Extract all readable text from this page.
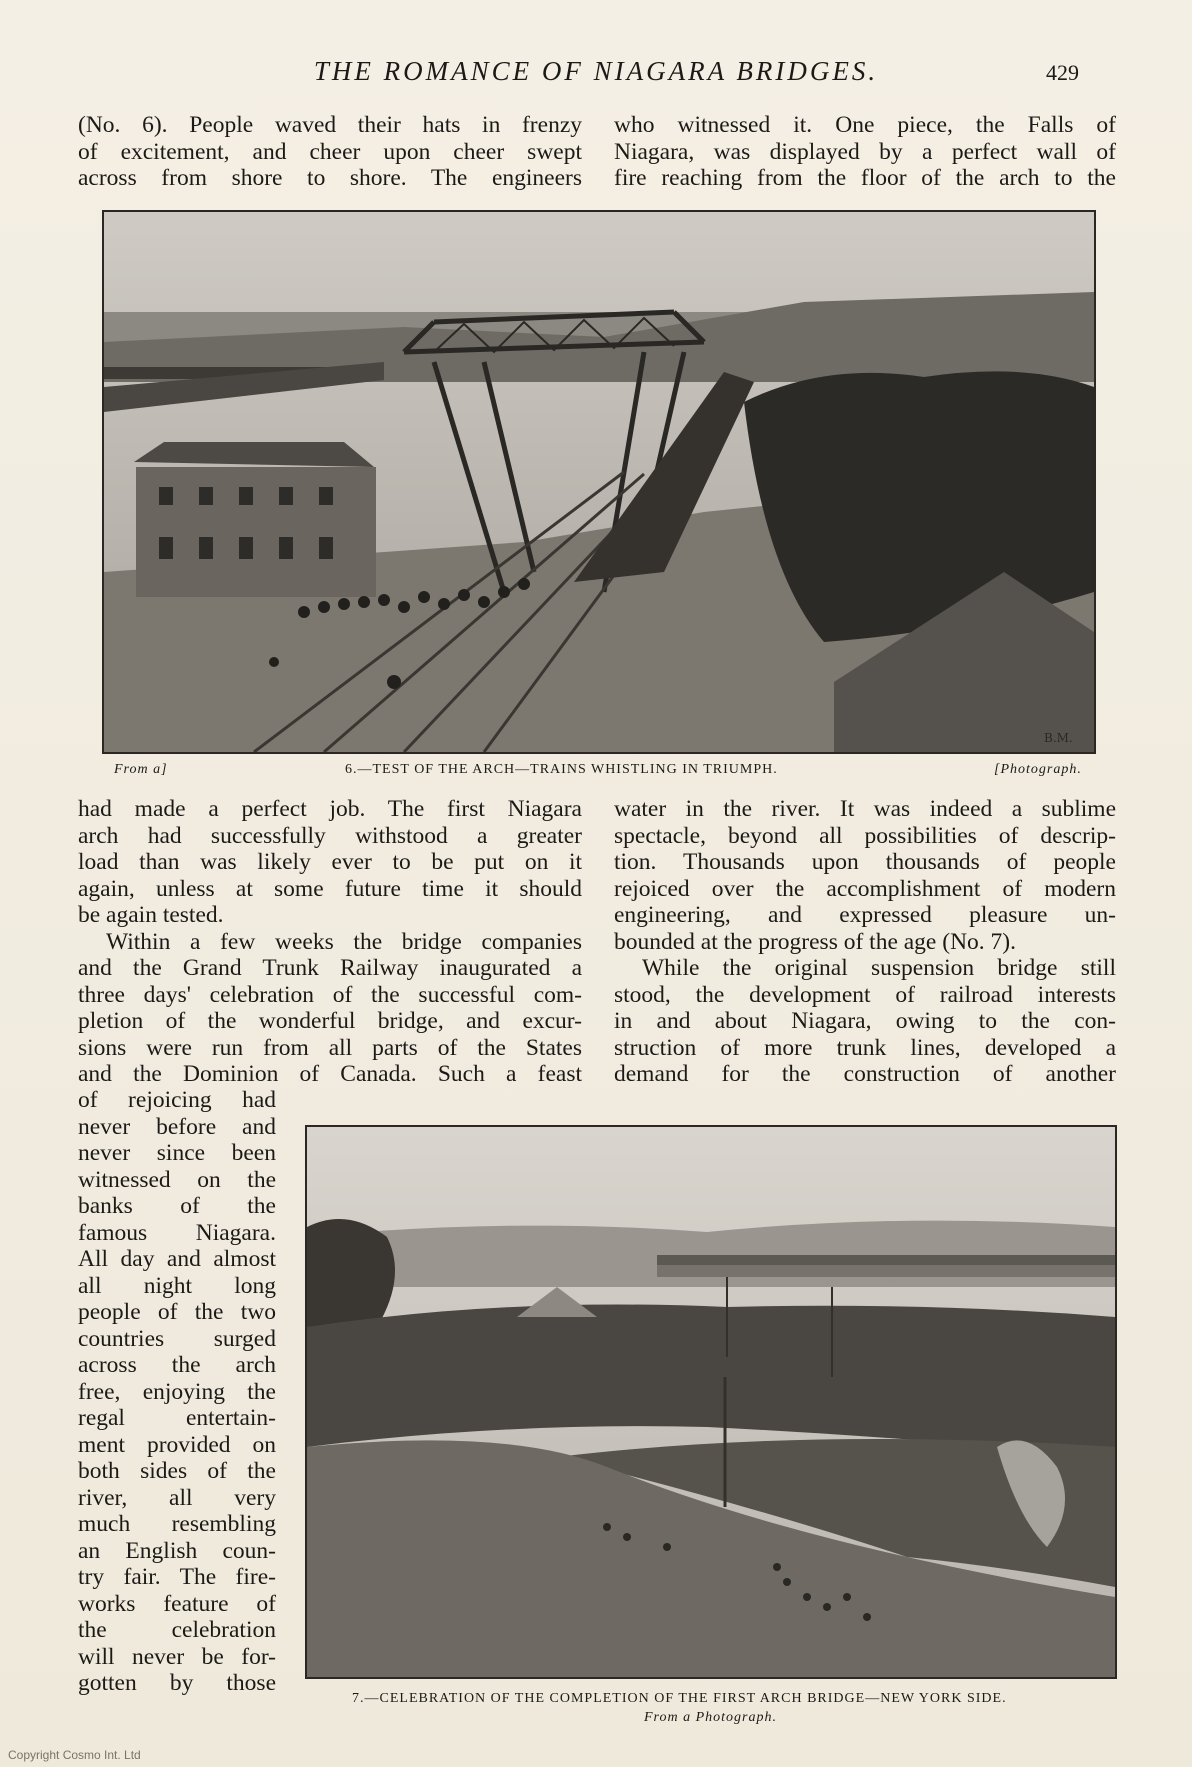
THE ROMANCE OF NIAGARA BRIDGES.	429

(No. 6). People waved their hats in frenzy

of excitement, and cheer upon cheer swept

across from shore to shore. The engineers

who witnessed it. One piece, the Falls of

Niagara, was displayed by a perfect wall of

fire reaching from the floor of the arch to the

B.M.
From a]	6.—TEST OF THE ARCH—TRAINS WHISTLING IN TRIUMPH.	[Photograph.

had made a perfect job. The first Niagara

arch had successfully withstood a greater

load than was likely ever to be put on it

again, unless at some future time it should

be again tested.

Within a few weeks the bridge companies

and the Grand Trunk Railway inaugurated a

three days' celebration of the successful com-

pletion of the wonderful bridge, and excur-

sions were run from all parts of the States

and the Dominion of Canada. Such a feast

water in the river. It was indeed a sublime

spectacle, beyond all possibilities of descrip-

tion. Thousands upon thousands of people

rejoiced over the accomplishment of modern

engineering, and expressed pleasure un-

bounded at the progress of the age (No. 7).

While the original suspension bridge still

stood, the development of railroad interests

in and about Niagara, owing to the con-

struction of more trunk lines, developed a

demand for the construction of another

of rejoicing had

never before and

never since been

witnessed on the

banks of the

famous Niagara.

All day and almost

all night long

people of the two

countries surged

across the arch

free, enjoying the

regal entertain-

ment provided on

both sides of the

river, all very

much resembling

an English coun-

try fair. The fire-

works feature of

the celebration

will never be for-

gotten by those

7.—CELEBRATION OF THE COMPLETION OF THE FIRST ARCH BRIDGE—NEW YORK SIDE.
From a Photograph.
Copyright Cosmo Int. Ltd
